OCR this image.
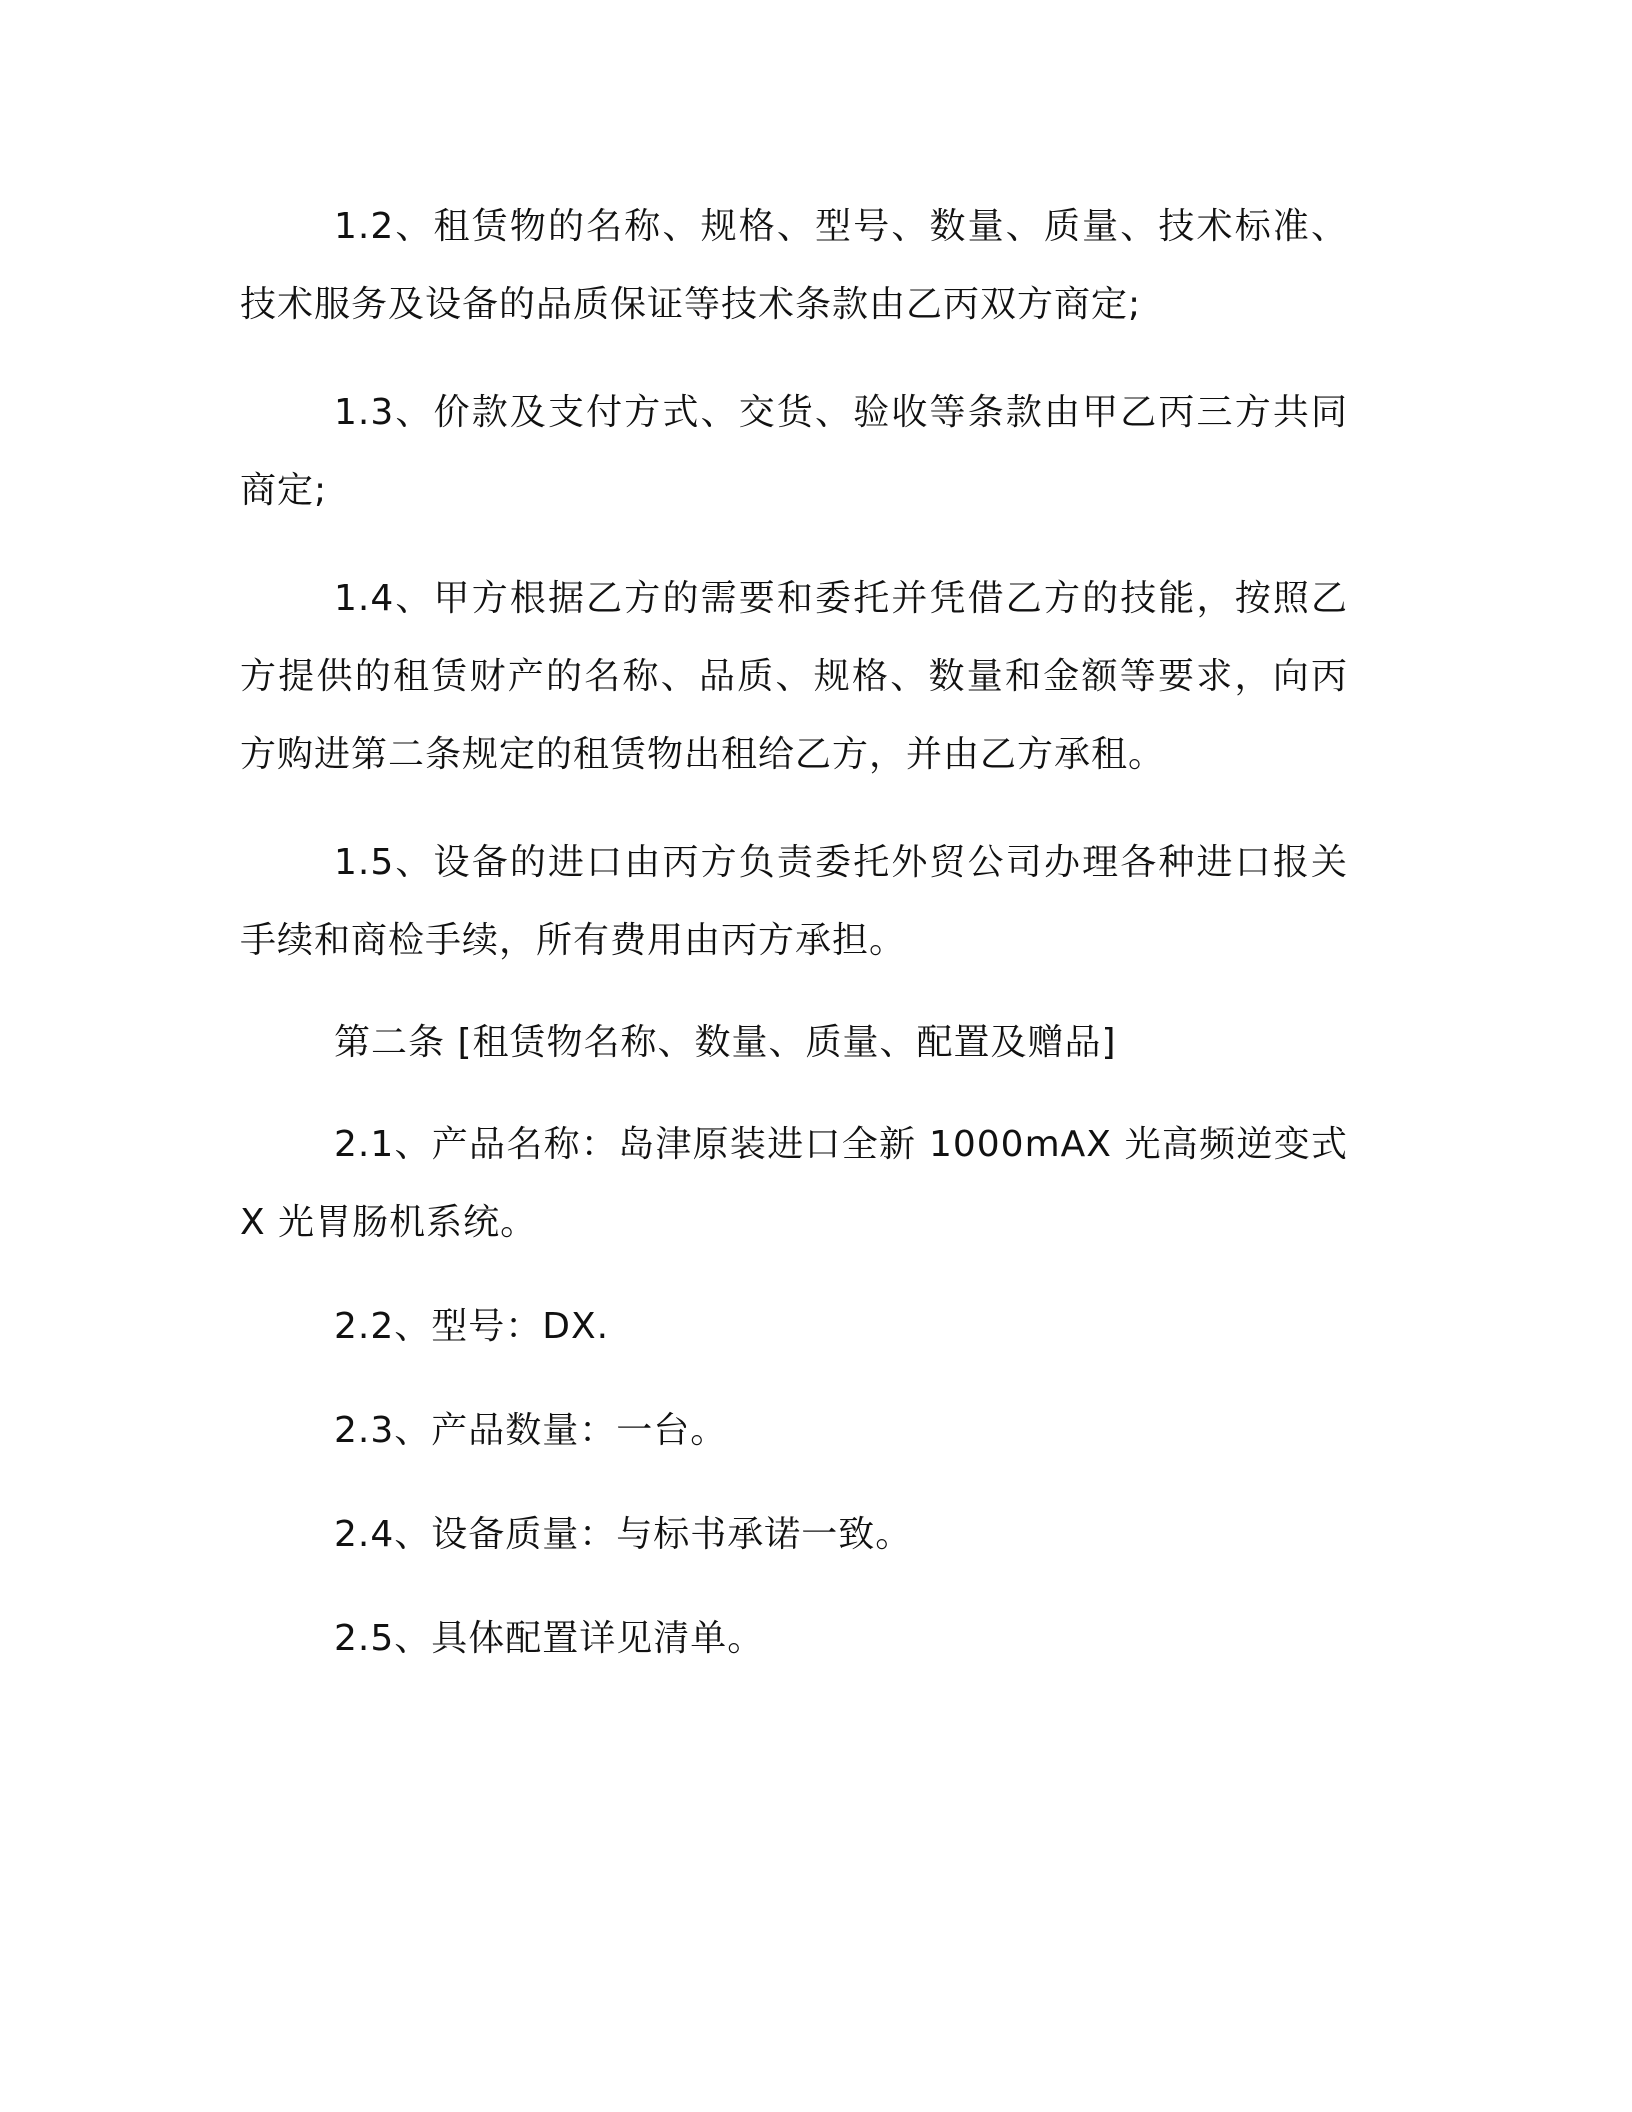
1.2、租赁物的名称、规格、型号、数量、质量、技术标准、技术服务及设备的品质保证等技术条款由乙丙双方商定;

1.3、价款及支付方式、交货、验收等条款由甲乙丙三方共同商定;

1.4、甲方根据乙方的需要和委托并凭借乙方的技能，按照乙方提供的租赁财产的名称、品质、规格、数量和金额等要求，向丙方购进第二条规定的租赁物出租给乙方，并由乙方承租。

1.5、设备的进口由丙方负责委托外贸公司办理各种进口报关手续和商检手续，所有费用由丙方承担。

第二条 [租赁物名称、数量、质量、配置及赠品]

2.1、产品名称：岛津原装进口全新 1000mAX 光高频逆变式 X 光胃肠机系统。

2.2、型号：DX.

2.3、产品数量：一台。

2.4、设备质量：与标书承诺一致。

2.5、具体配置详见清单。
